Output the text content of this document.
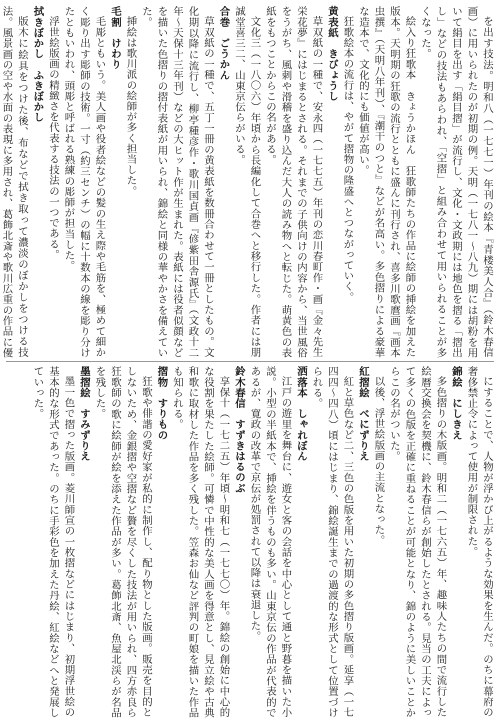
を出す技法。明和八（一七七一）年刊の絵本『青楼美人合』（鈴木春信画）に用いられたのが初期の例。天明（一七八一～八九）期には胡粉を用いて絹目を出す「絹目摺」が流行し、文化・文政期には地色を摺る「摺出し」などの技法もあらわれ、「空摺」と組み合わせて用いられることが多くなった。

絵入り狂歌本　きょうかほん　狂歌師たちの作品に絵師の挿絵を加えた版本。天明期の狂歌の流行とともに盛んに刊行され、喜多川歌麿画『画本虫撰』（天明八年刊）、『潮干のつと』などが名高い。多色摺りによる豪華な造本で、文化的にも価値が高い。

狂歌絵本の流行は、やがて摺物の隆盛へとつながっていく。

黄表紙　きびょうし

草双紙の一種で、安永四（一七七五）年刊の恋川春町作・画『金々先生栄花夢』にはじまるとされる。それまでの子供向けの内容から、当世風俗をうがち、風刺や滑稽を盛り込んだ大人の読み物へと転じた。萌黄色の表紙をもつことからこの名がある。

文化三（一八〇六）年頃から長編化して合巻へと移行した。作者には朋誠堂喜三二、山東京伝らがいる。

合巻　ごうかん

草双紙の一種で、五丁一冊の黄表紙を数冊合わせて一冊としたもの。文化期以降に流行し、柳亭種彦作・歌川国貞画『偐紫田舎源氏』（文政十二年～天保十三年刊）などの大ヒット作が生まれた。表紙には役者似顔などを描いた色摺りの摺付表紙が用いられ、錦絵と同様の華やかさを備えていた。

挿絵は歌川派の絵師が多く担当した。

毛割　けわり

毛彫ともいう。美人画や役者絵などの髪の生え際や毛筋を、極めて細かく彫り出す彫師の技術。一寸（約三センチ）の幅に十数本の線を彫り分けたともいわれ、頭彫と呼ばれる熟練の彫師が担当した。

浮世絵版画の精緻さを代表する技法の一つである。

拭きぼかし　ふきぼかし

版木に絵具をつけた後、布などで拭き取って濃淡のぼかしをつける技法。風景画の空や水面の表現に多用され、葛飾北斎や歌川広重の作品に優

にすることで、人物が浮かび上がるような効果を生んだ。のちに幕府の奢侈禁止令によって使用が制限された。

錦絵　にしきえ

多色摺りの木版画。明和二（一七六五）年、趣味人たちの間で流行した絵暦交換会を契機に、鈴木春信らが創始したとされる。見当の工夫によって多くの色版を正確に重ねることが可能となり、錦のように美しいことからこの名がついた。

以後、浮世絵版画の主流となった。

紅摺絵　べにずりえ

紅と草色など二、三色の色版を用いた初期の多色摺り版画。延享（一七四四～四八）頃にはじまり、錦絵誕生までの過渡的な形式として位置づけられる。

洒落本　しゃれぼん

江戸の遊里を舞台に、遊女と客の会話を中心として通と野暮を描いた小説。小型の半紙本で、挿絵を伴うものも多い。山東京伝の作品が代表的であるが、寛政の改革で京伝が処罰されて以降は衰退した。

鈴木春信　すずきはるのぶ

享保十（一七二五）年頃～明和七（一七七〇）年。錦絵の創始に中心的な役割を果たした絵師。可憐で中性的な美人画を得意とし、見立絵や古典和歌に取材した作品を多く残した。笠森お仙など評判の町娘を描いた作品も知られる。

摺物　すりもの

狂歌や俳諧の愛好家が私的に制作し、配り物とした版画。販売を目的としないため、金銀摺や空摺など贅を尽くした技法が用いられ、四方赤良ら狂歌師の歌に絵師が絵を添えた作品が多い。葛飾北斎、魚屋北渓らが名品を残した。

墨摺絵　すみずりえ

墨一色で摺った版画。菱川師宣の一枚摺などにはじまり、初期浮世絵の基本的な形式であった。のちに手彩色を加えた丹絵、紅絵などへと発展していった。
